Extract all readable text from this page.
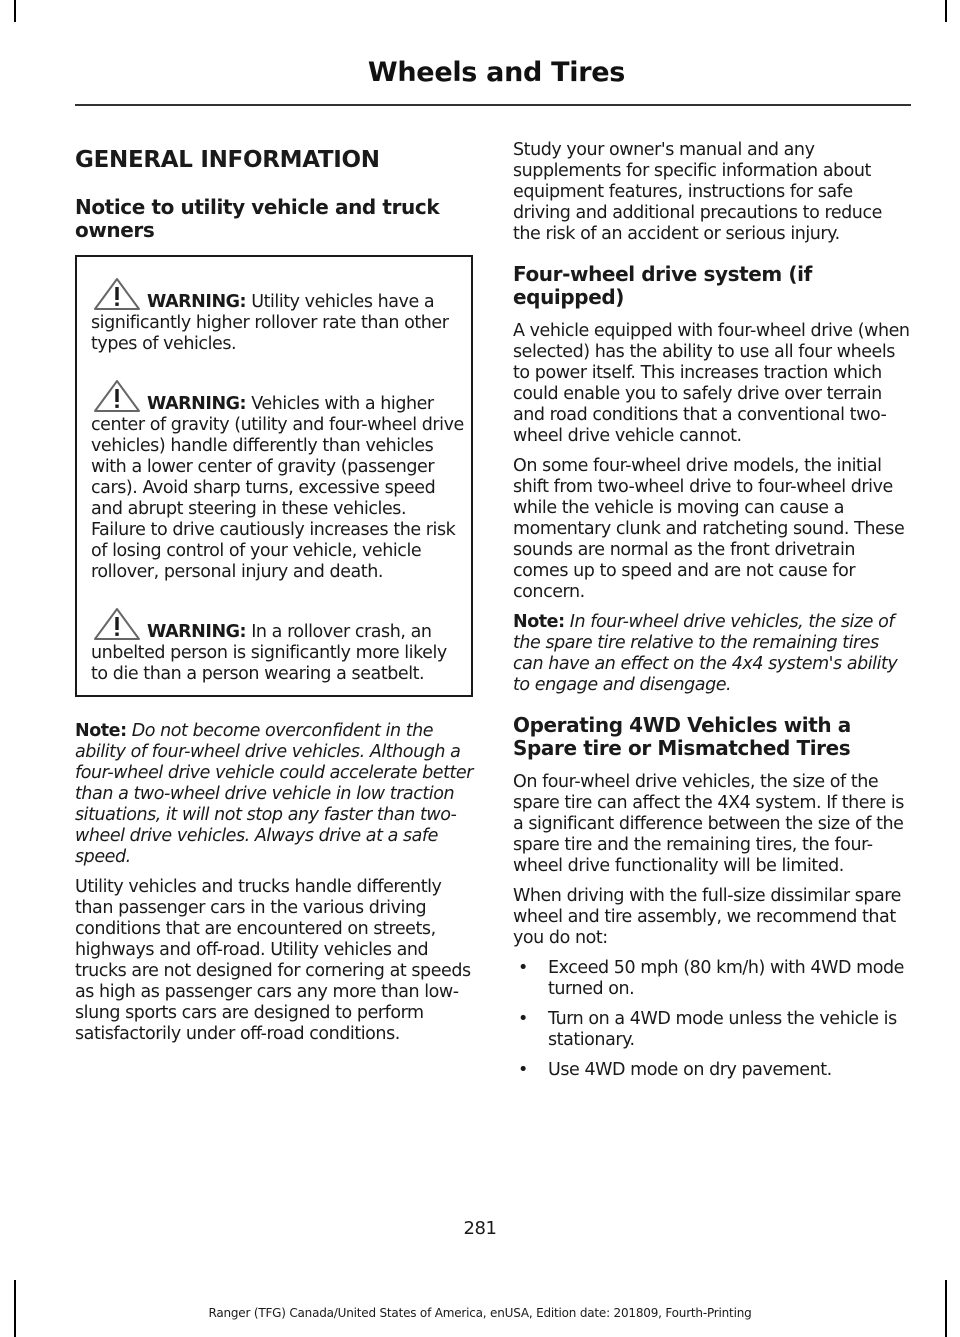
Wheels and Tires
GENERAL INFORMATION
Notice to utility vehicle and truck owners
WARNING: Utility vehicles have a significantly higher rollover rate than other types of vehicles.
WARNING: Vehicles with a higher center of gravity (utility and four-wheel drive vehicles) handle differently than vehicles with a lower center of gravity (passenger cars). Avoid sharp turns, excessive speed and abrupt steering in these vehicles. Failure to drive cautiously increases the risk of losing control of your vehicle, vehicle rollover, personal injury and death.
WARNING: In a rollover crash, an unbelted person is significantly more likely to die than a person wearing a seatbelt.

Note: Do not become overconfident in the ability of four-wheel drive vehicles. Although a four-wheel drive vehicle could accelerate better than a two-wheel drive vehicle in low traction situations, it will not stop any faster than two-wheel drive vehicles. Always drive at a safe speed.

Utility vehicles and trucks handle differently than passenger cars in the various driving conditions that are encountered on streets, highways and off-road. Utility vehicles and trucks are not designed for cornering at speeds as high as passenger cars any more than low-slung sports cars are designed to perform satisfactorily under off-road conditions.

Study your owner's manual and any supplements for specific information about equipment features, instructions for safe driving and additional precautions to reduce the risk of an accident or serious injury.

Four-wheel drive system (if equipped)

A vehicle equipped with four-wheel drive (when selected) has the ability to use all four wheels to power itself. This increases traction which could enable you to safely drive over terrain and road conditions that a conventional two-wheel drive vehicle cannot.

On some four-wheel drive models, the initial shift from two-wheel drive to four-wheel drive while the vehicle is moving can cause a momentary clunk and ratcheting sound. These sounds are normal as the front drivetrain comes up to speed and are not cause for concern.

Note: In four-wheel drive vehicles, the size of the spare tire relative to the remaining tires can have an effect on the 4x4 system's ability to engage and disengage.

Operating 4WD Vehicles with a Spare tire or Mismatched Tires

On four-wheel drive vehicles, the size of the spare tire can affect the 4X4 system. If there is a significant difference between the size of the spare tire and the remaining tires, the four-wheel drive functionality will be limited.

When driving with the full-size dissimilar spare wheel and tire assembly, we recommend that you do not:

• Exceed 50 mph (80 km/h) with 4WD mode turned on.
• Turn on a 4WD mode unless the vehicle is stationary.
• Use 4WD mode on dry pavement.

281

Ranger (TFG) Canada/United States of America, enUSA, Edition date: 201809, Fourth-Printing
